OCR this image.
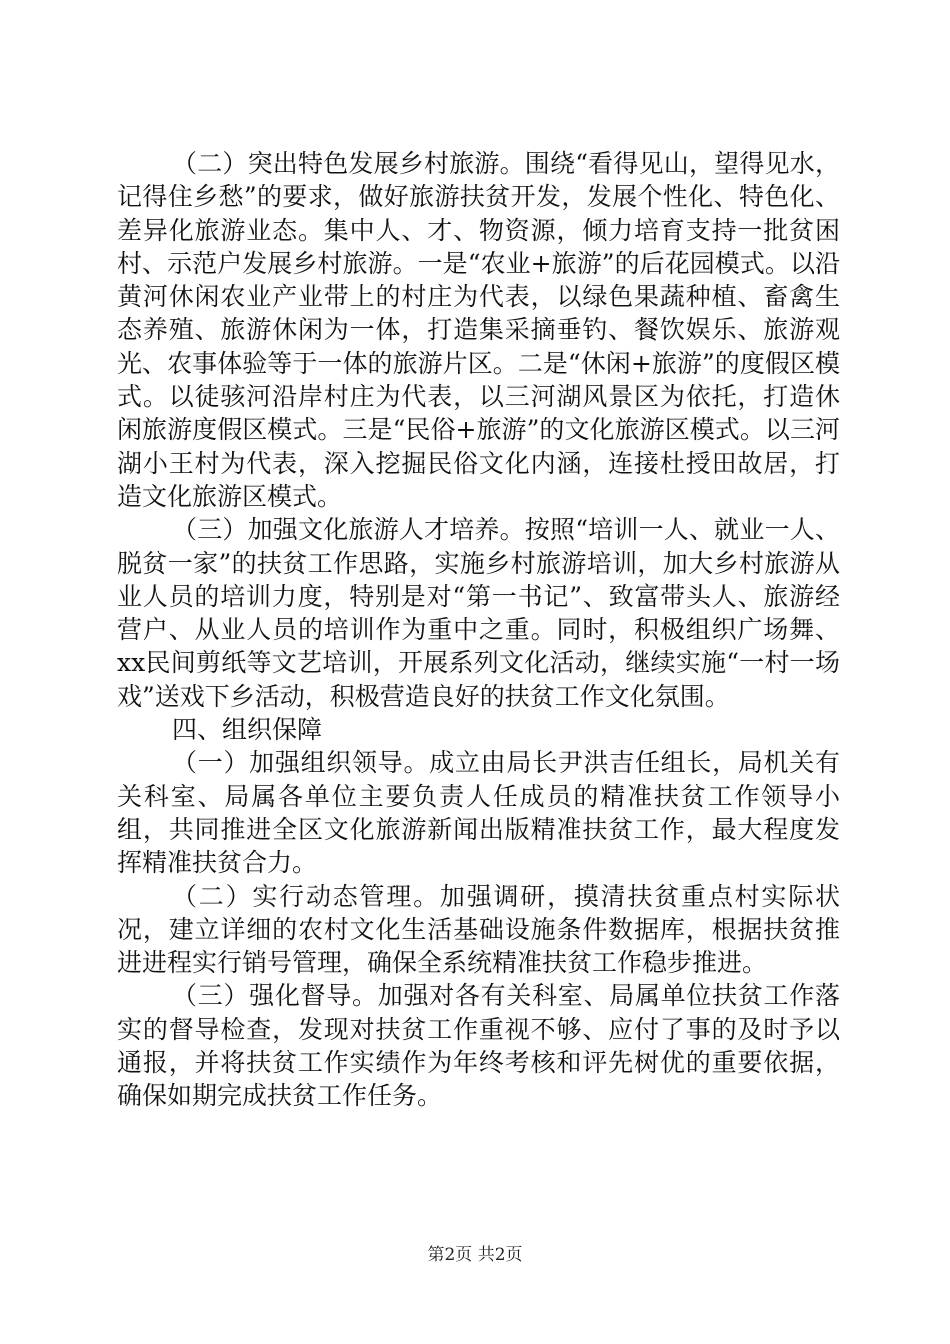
（二）突出特色发展乡村旅游。围绕“看得见山，望得见水，记得住乡愁”的要求，做好旅游扶贫开发，发展个性化、特色化、差异化旅游业态。集中人、才、物资源，倾力培育支持一批贫困村、示范户发展乡村旅游。一是“农业+旅游”的后花园模式。以沿黄河休闲农业产业带上的村庄为代表，以绿色果蔬种植、畜禽生态养殖、旅游休闲为一体，打造集采摘垂钓、餐饮娱乐、旅游观光、农事体验等于一体的旅游片区。二是“休闲+旅游”的度假区模式。以徒骇河沿岸村庄为代表，以三河湖风景区为依托，打造休闲旅游度假区模式。三是“民俗+旅游”的文化旅游区模式。以三河湖小王村为代表，深入挖掘民俗文化内涵，连接杜授田故居，打造文化旅游区模式。

（三）加强文化旅游人才培养。按照“培训一人、就业一人、脱贫一家”的扶贫工作思路，实施乡村旅游培训，加大乡村旅游从业人员的培训力度，特别是对“第一书记”、致富带头人、旅游经营户、从业人员的培训作为重中之重。同时，积极组织广场舞、xx民间剪纸等文艺培训，开展系列文化活动，继续实施“一村一场戏”送戏下乡活动，积极营造良好的扶贫工作文化氛围。

四、组织保障

（一）加强组织领导。成立由局长尹洪吉任组长，局机关有关科室、局属各单位主要负责人任成员的精准扶贫工作领导小组，共同推进全区文化旅游新闻出版精准扶贫工作，最大程度发挥精准扶贫合力。

（二）实行动态管理。加强调研，摸清扶贫重点村实际状况，建立详细的农村文化生活基础设施条件数据库，根据扶贫推进进程实行销号管理，确保全系统精准扶贫工作稳步推进。

（三）强化督导。加强对各有关科室、局属单位扶贫工作落实的督导检查，发现对扶贫工作重视不够、应付了事的及时予以通报，并将扶贫工作实绩作为年终考核和评先树优的重要依据，确保如期完成扶贫工作任务。

第2页 共2页
